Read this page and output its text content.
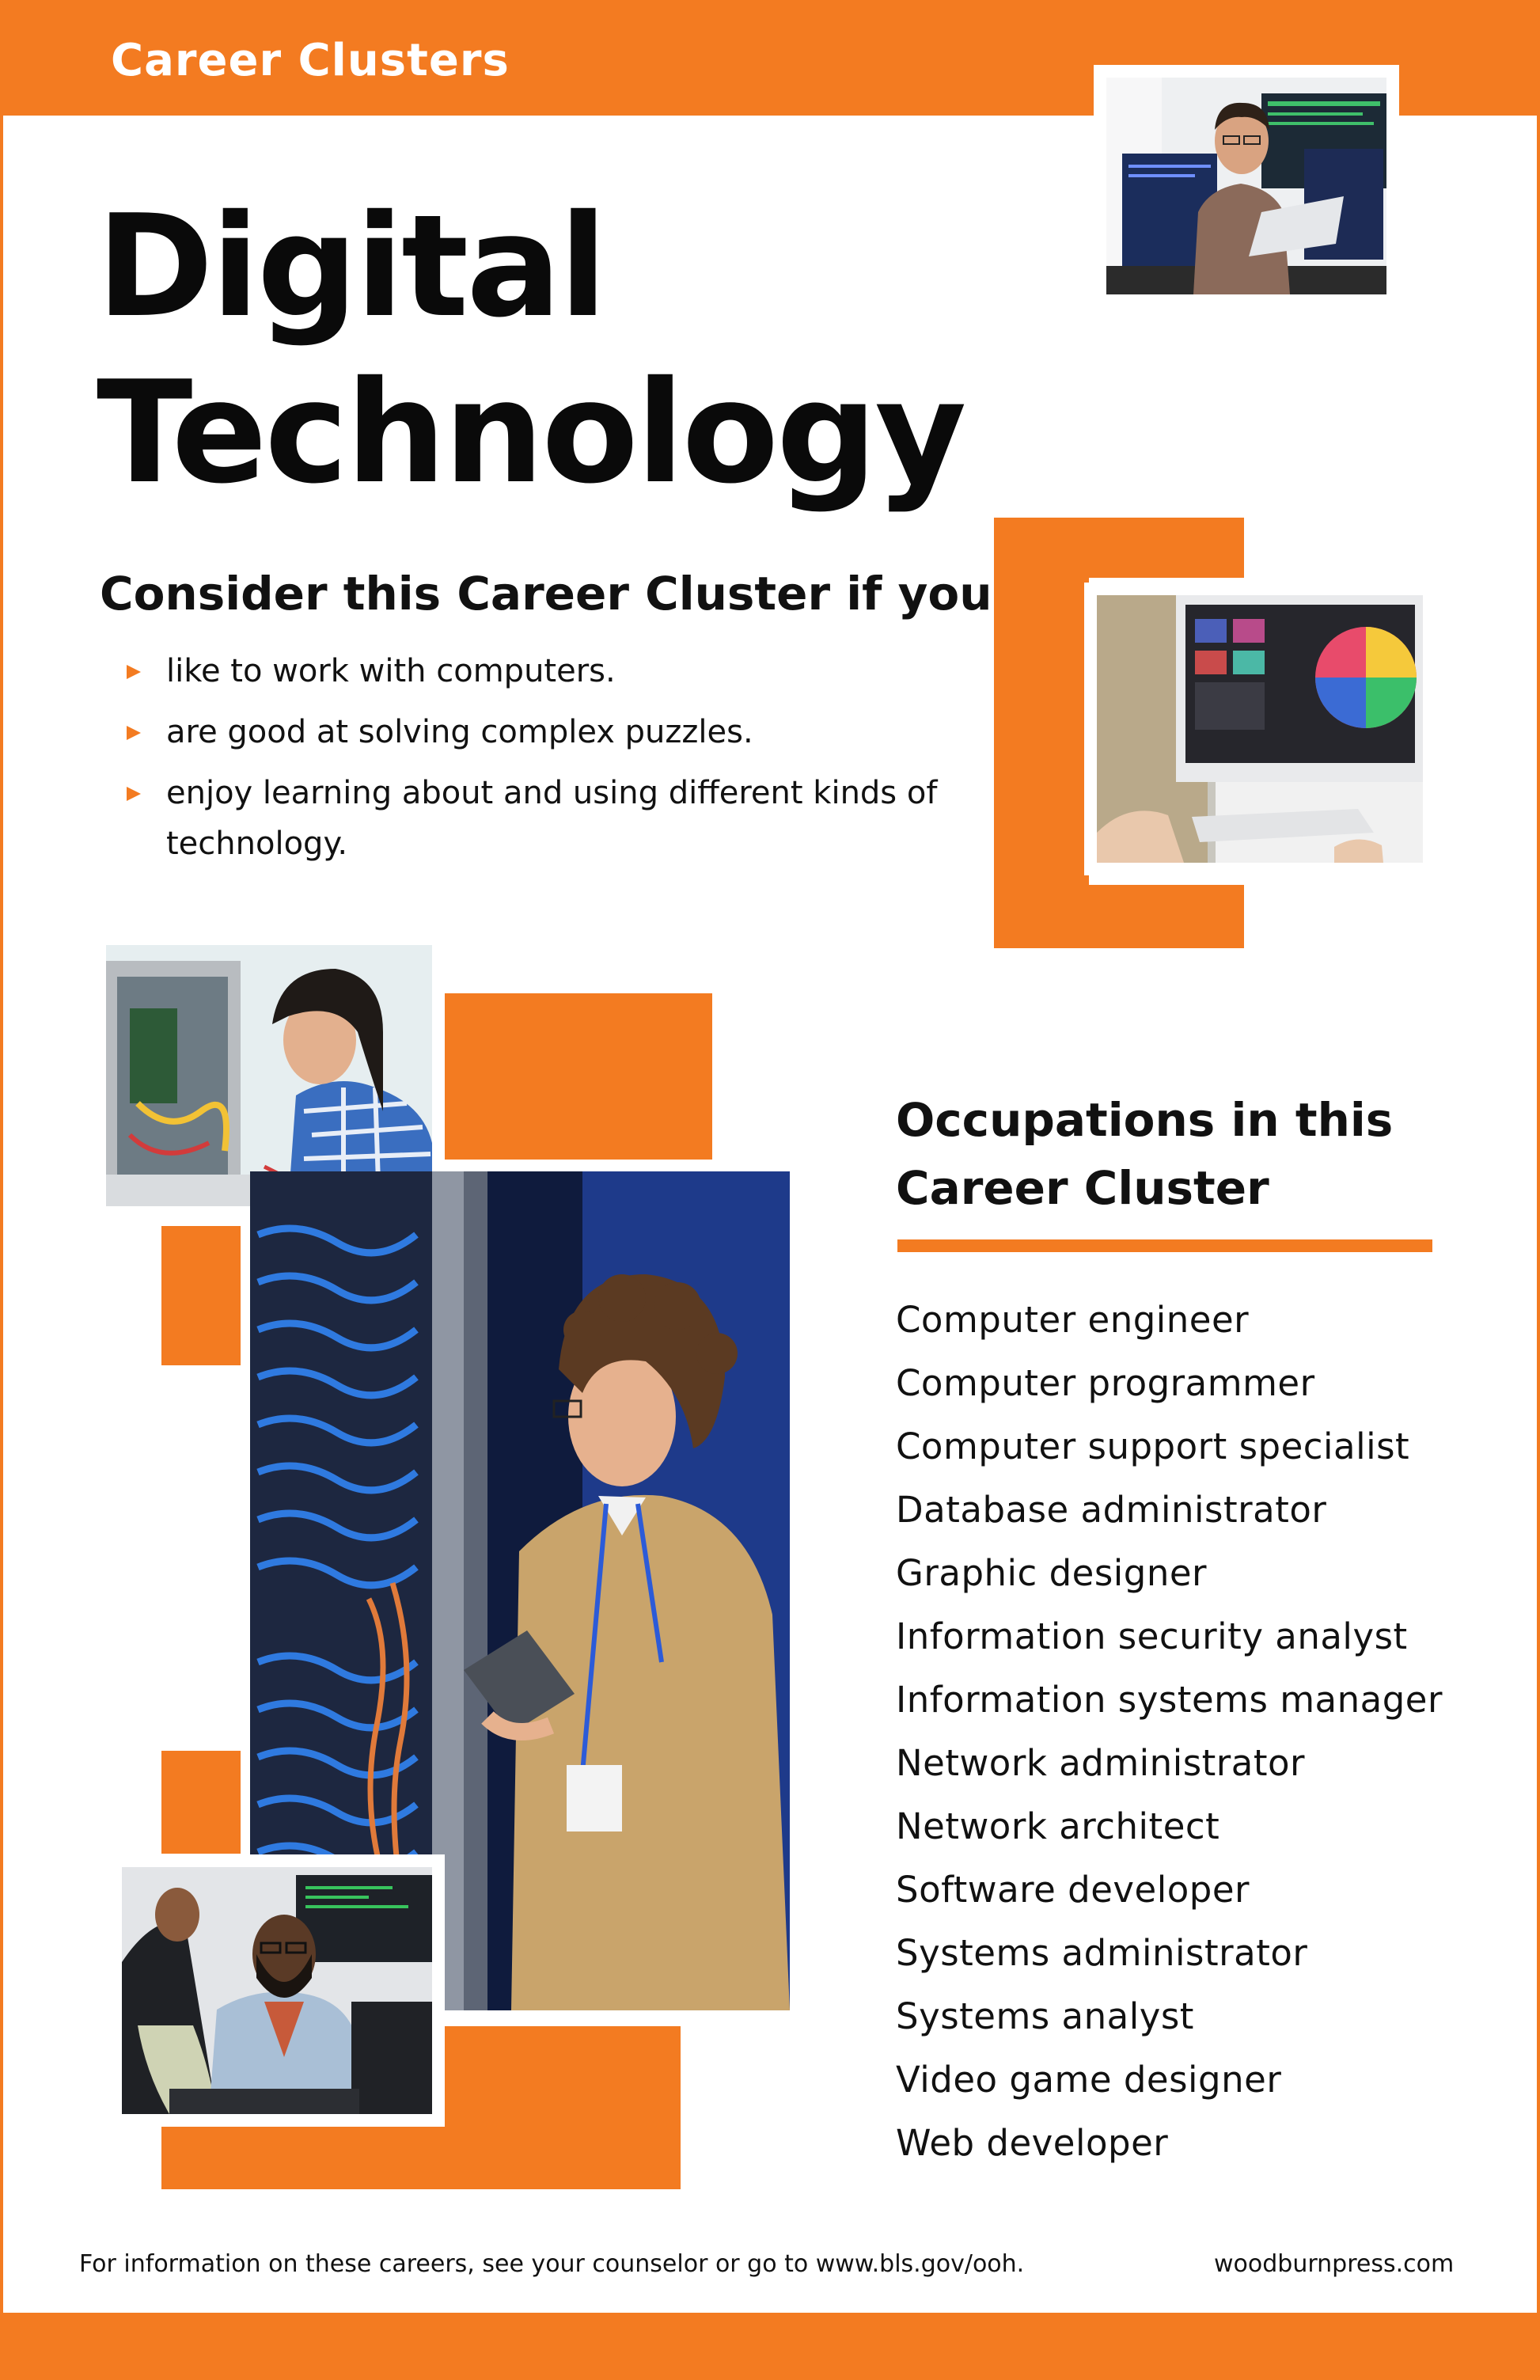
Career Clusters
Digital
Technology
Consider this Career Cluster if you
like to work with computers.
are good at solving complex puzzles.
enjoy learning about and using different kinds of technology.
Occupations in this Career Cluster
Computer engineer
Computer programmer
Computer support specialist
Database administrator
Graphic designer
Information security analyst
Information systems manager
Network administrator
Network architect
Software developer
Systems administrator
Systems analyst
Video game designer
Web developer
For information on these careers, see your counselor or go to www.bls.gov/ooh.	woodburnpress.com
